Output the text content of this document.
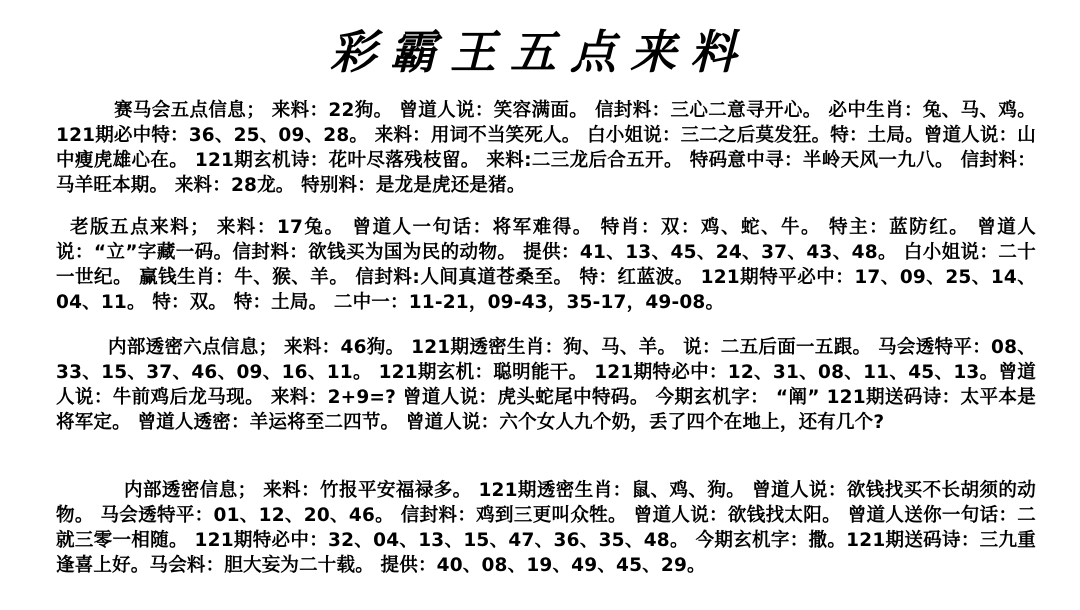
彩霸王五点来料

赛马会五点信息； 来料：22狗。 曾道人说：笑容满面。 信封料：三心二意寻开心。 必中生肖：兔、马、鸡。 121期必中特：36、25、09、28。 来料：用词不当笑死人。 白小姐说：三二之后莫发狂。特：土局。曾道人说：山中瘦虎雄心在。 121期玄机诗：花叶尽落残枝留。 来料:二三龙后合五开。 特码意中寻：半岭天风一九八。 信封料：马羊旺本期。 来料：28龙。 特别料：是龙是虎还是猪。

老版五点来料； 来料：17兔。 曾道人一句话：将军难得。 特肖：双：鸡、蛇、牛。 特主：蓝防红。 曾道人说：“立”字藏一码。信封料：欲钱买为国为民的动物。 提供：41、13、45、24、37、43、48。 白小姐说：二十一世纪。 赢钱生肖：牛、猴、羊。 信封料:人间真道苍桑至。 特：红蓝波。 121期特平必中：17、09、25、14、04、11。 特：双。 特：土局。 二中一：11-21，09-43，35-17，49-08。

内部透密六点信息； 来料：46狗。 121期透密生肖：狗、马、羊。 说：二五后面一五跟。 马会透特平：08、33、15、37、46、09、16、11。 121期玄机：聪明能干。 121期特必中：12、31、08、11、45、13。曾道人说：牛前鸡后龙马现。 来料：2+9=? 曾道人说：虎头蛇尾中特码。 今期玄机字： “阐” 121期送码诗：太平本是将军定。 曾道人透密：羊运将至二四节。 曾道人说：六个女人九个奶，丢了四个在地上，还有几个?

内部透密信息； 来料：竹报平安福禄多。 121期透密生肖：鼠、鸡、狗。 曾道人说：欲钱找买不长胡须的动物。 马会透特平：01、12、20、46。 信封料：鸡到三更叫众牲。 曾道人说：欲钱找太阳。 曾道人送你一句话：二就三零一相随。 121期特必中：32、04、13、15、47、36、35、48。 今期玄机字：撒。121期送码诗：三九重逢喜上好。马会料：胆大妄为二十载。 提供：40、08、19、49、45、29。
